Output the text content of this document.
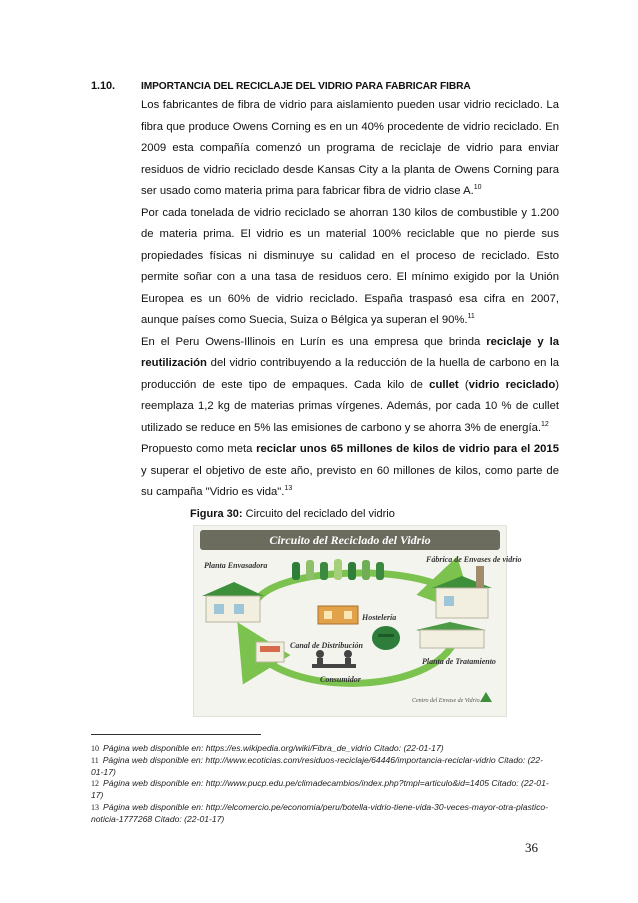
1.10.	IMPORTANCIA DEL RECICLAJE DEL VIDRIO PARA FABRICAR FIBRA

Los fabricantes de fibra de vidrio para aislamiento pueden usar vidrio reciclado. La fibra que produce Owens Corning es en un 40% procedente de vidrio reciclado. En 2009 esta compañía comenzó un programa de reciclaje de vidrio para enviar residuos de vidrio reciclado desde Kansas City a la planta de Owens Corning para ser usado como materia prima para fabricar fibra de vidrio clase A.$^{10}$

Por cada tonelada de vidrio reciclado se ahorran 130 kilos de combustible y 1.200 de materia prima. El vidrio es un material 100% reciclable que no pierde sus propiedades físicas ni disminuye su calidad en el proceso de reciclado. Esto permite soñar con a una tasa de residuos cero. El mínimo exigido por la Unión Europea es un 60% de vidrio reciclado. España traspasó esa cifra en 2007, aunque países como Suecia, Suiza o Bélgica ya superan el 90%.$^{11}$

En el Peru Owens-Illinois en Lurín es una empresa que brinda reciclaje y la reutilización del vidrio contribuyendo a la reducción de la huella de carbono en la producción de este tipo de empaques. Cada kilo de cullet (vidrio reciclado) reemplaza 1,2 kg de materias primas vírgenes. Además, por cada 10 % de cullet utilizado se reduce en 5% las emisiones de carbono y se ahorra 3% de energía.$^{12}$

Propuesto como meta reciclar unos 65 millones de kilos de vidrio para el 2015 y superar el objetivo de este año, previsto en 60 millones de kilos, como parte de su campaña "Vidrio es vida".$^{13}$

Figura 30: Circuito del reciclado del vidrio
Circuito del Reciclado del Vidrio
Planta Envasadora
Fábrica de Envases de vidrio
Hostelería
Canal de Distribución
Consumidor
Planta de Tratamiento
Centro del Envase de Vidrio

10 Página web disponible en: https://es.wikipedia.org/wiki/Fibra_de_vidrio Citado: (22-01-17)

11 Página web disponible en: http://www.ecoticias.com/residuos-reciclaje/64446/importancia-reciclar-vidrio Citado: (22-01-17)

12 Página web disponible en: http://www.pucp.edu.pe/climadecambios/index.php?tmpl=articulo&id=1405 Citado: (22-01-17)

13 Página web disponible en: http://elcomercio.pe/economia/peru/botella-vidrio-tiene-vida-30-veces-mayor-otra-plastico-noticia-1777268 Citado: (22-01-17)

36
